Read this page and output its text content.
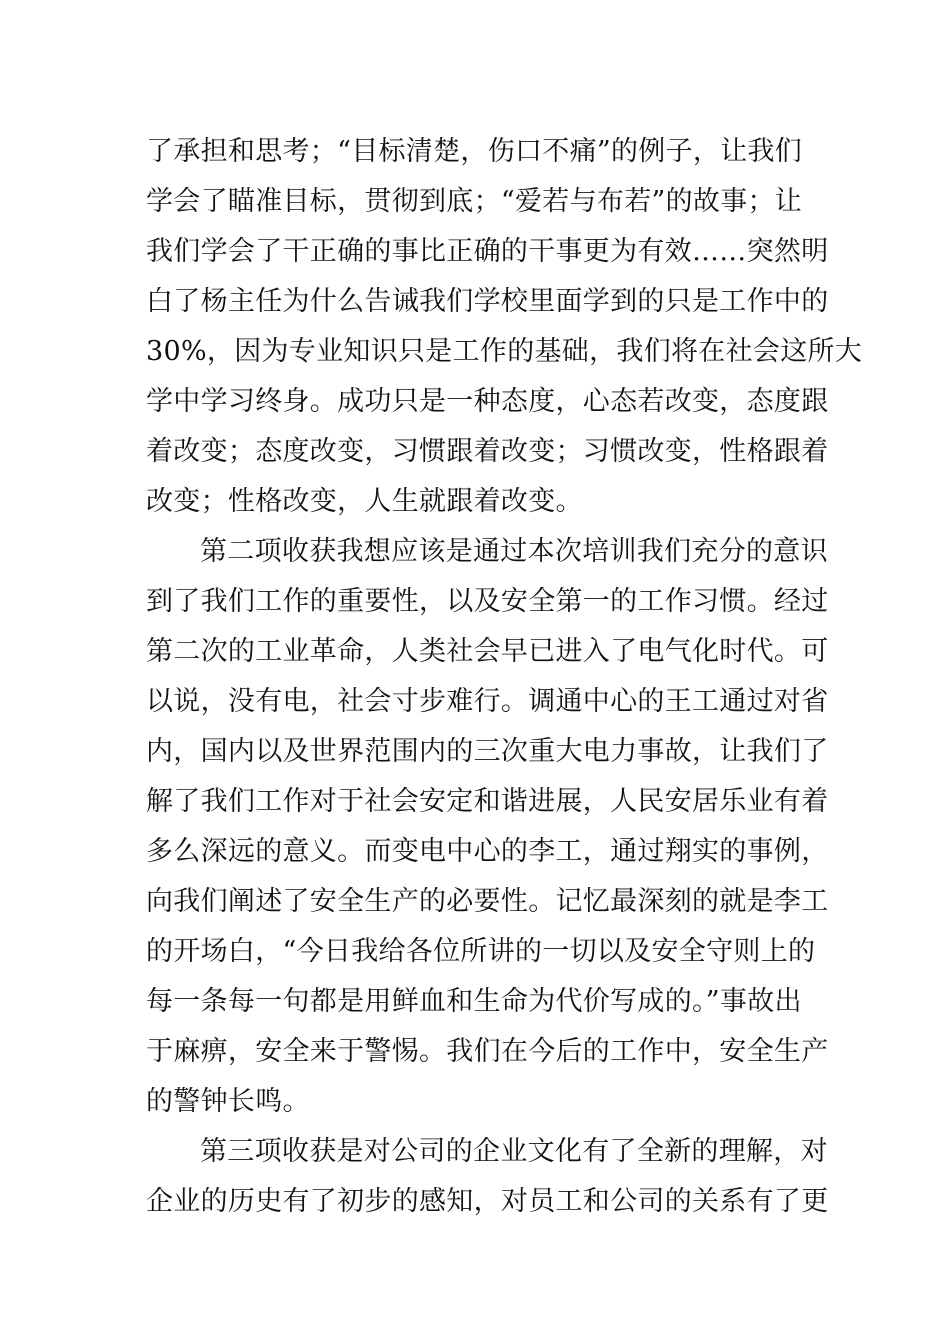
了承担和思考；“目标清楚，伤口不痛”的例子，让我们
学会了瞄准目标，贯彻到底；“爱若与布若”的故事；让
我们学会了干正确的事比正确的干事更为有效……突然明
白了杨主任为什么告诫我们学校里面学到的只是工作中的
30%，因为专业知识只是工作的基础，我们将在社会这所大
学中学习终身。成功只是一种态度，心态若改变，态度跟
着改变；态度改变，习惯跟着改变；习惯改变，性格跟着
改变；性格改变，人生就跟着改变。
第二项收获我想应该是通过本次培训我们充分的意识
到了我们工作的重要性，以及安全第一的工作习惯。经过
第二次的工业革命，人类社会早已进入了电气化时代。可
以说，没有电，社会寸步难行。调通中心的王工通过对省
内，国内以及世界范围内的三次重大电力事故，让我们了
解了我们工作对于社会安定和谐进展，人民安居乐业有着
多么深远的意义。而变电中心的李工，通过翔实的事例，
向我们阐述了安全生产的必要性。记忆最深刻的就是李工
的开场白，“今日我给各位所讲的一切以及安全守则上的
每一条每一句都是用鲜血和生命为代价写成的。”事故出
于麻痹，安全来于警惕。我们在今后的工作中，安全生产
的警钟长鸣。
第三项收获是对公司的企业文化有了全新的理解，对
企业的历史有了初步的感知，对员工和公司的关系有了更
